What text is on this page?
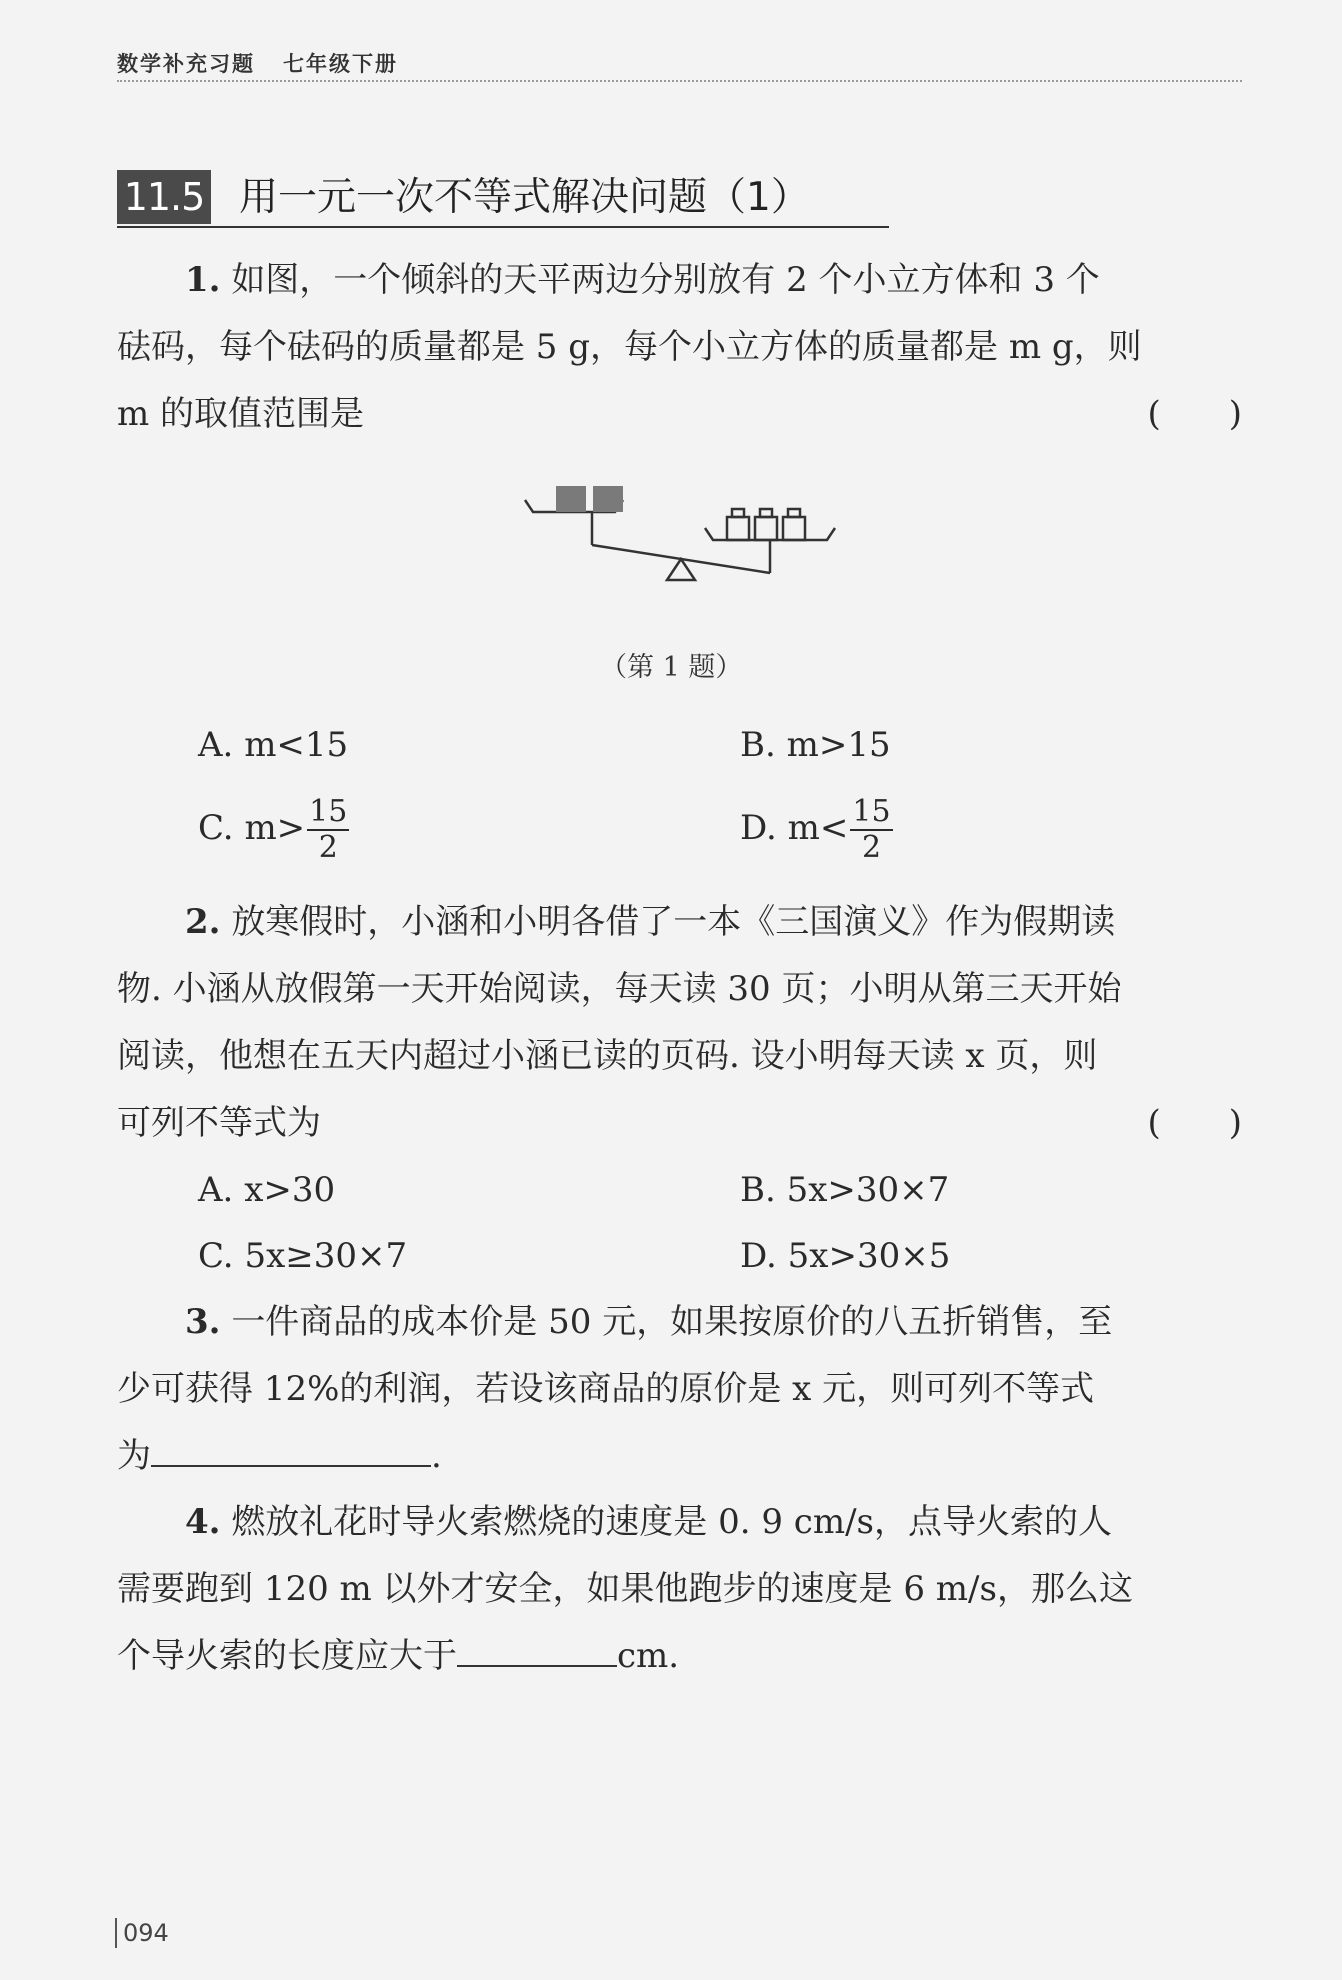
数学补充习题 七年级下册
11.5 用一元一次不等式解决问题（1）
1. 如图，一个倾斜的天平两边分别放有 2 个小立方体和 3 个
砝码，每个砝码的质量都是 5 g，每个小立方体的质量都是 m g，则
m 的取值范围是	(　　)
（第 1 题）
A. m<15	B. m>15
C. $m> \frac{15}{2}$	D. $m< \frac{15}{2}$
2. 放寒假时，小涵和小明各借了一本《三国演义》作为假期读
物. 小涵从放假第一天开始阅读，每天读 30 页；小明从第三天开始
阅读，他想在五天内超过小涵已读的页码. 设小明每天读 x 页，则
可列不等式为	(　　)
A. x>30	B. 5x>30×7
C. 5x≥30×7	D. 5x>30×5
3. 一件商品的成本价是 50 元，如果按原价的八五折销售，至
少可获得 12%的利润，若设该商品的原价是 x 元，则可列不等式
为	.
4. 燃放礼花时导火索燃烧的速度是 0. 9 cm/s，点导火索的人
需要跑到 120 m 以外才安全，如果他跑步的速度是 6 m/s，那么这
个导火索的长度应大于	cm.
094
